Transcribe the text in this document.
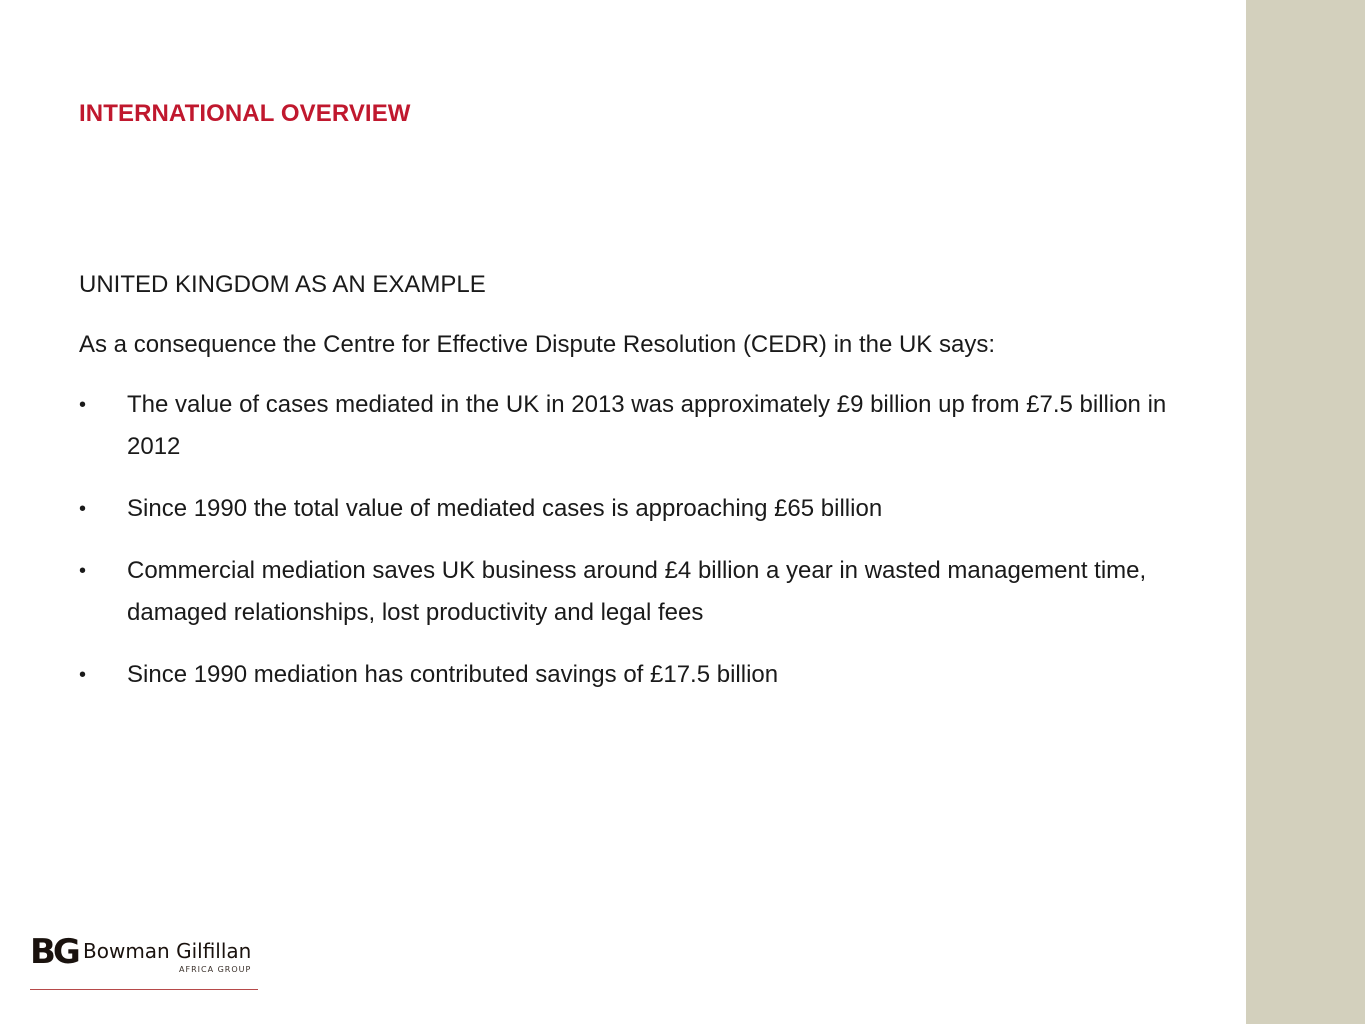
INTERNATIONAL OVERVIEW
UNITED KINGDOM AS AN EXAMPLE
As a consequence the Centre for Effective Dispute Resolution (CEDR) in the UK says:
•	The value of cases mediated in the UK in 2013 was approximately £9 billion up from £7.5 billion in 2012
•	Since 1990 the total value of mediated cases is approaching £65 billion
•	Commercial mediation saves UK business around £4 billion a year in wasted management time, damaged relationships, lost productivity and legal fees
•	Since 1990 mediation has contributed savings of £17.5 billion
BG Bowman Gilfillan
AFRICA GROUP
